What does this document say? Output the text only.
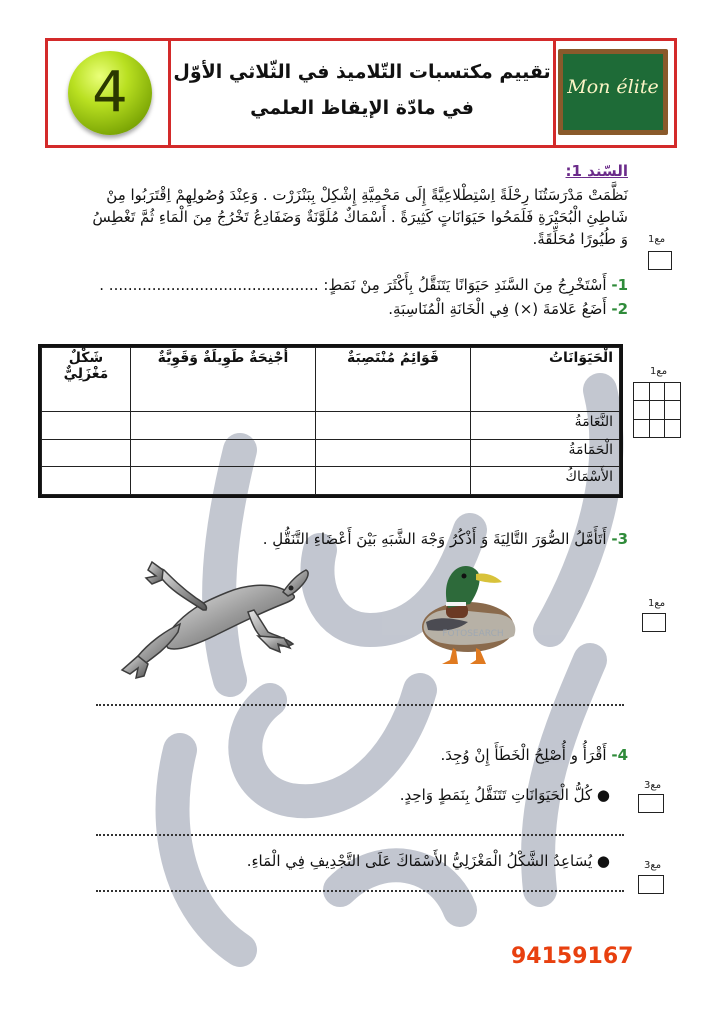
4	تقييم مكتسبات التّلاميذ في الثّلاثي الأوّل
في مادّة الإيقاظ العلمي
Mon élite
السّند 1:
نَظَّمَتْ مَدْرَسَتُنَا رِحْلَةً اِسْتِطْلاعِيَّةً إِلَى مَحْمِيَّةِ إِشْكِلْ بِبَنْزَرْت . وَعِنْدَ وُصُولِهِمْ اِقْتَرَبُوا مِنْ شَاطِئِ الْبُحَيْرَةِ فَلَمَحُوا حَيَوَانَاتٍ كَثِيرَةً . أَسْمَاكٌ مُلَوَّنَةٌ وَضَفَادِعُ تَخْرُجُ مِنَ الْمَاءِ ثُمَّ تَغْطِسُ وَ طُيُورًا مُحَلِّقَةً. مع1
1- أَسْتَخْرِجُ مِنَ السَّنَدِ حَيَوَانًا يَتَنَقَّلُ بِأَكْثَرَ مِنْ نَمَطٍ: ............................................ .
2- أَضَعُ عَلامَةَ (×) فِي الْخَانَةِ الْمُنَاسِبَةِ.
الْحَيَوَانَاتُ	قَوَائِمُ مُنْتَصِبَةٌ	أَجْنِحَةٌ طَوِيلَةٌ وَقَوِيَّةٌ	شَكْلٌ مَغْزَلِيٌّ
النَّعَامَةُ			
الْحَمَامَةُ			
الأَسْمَاكُ			
مع1

3- أَتَأَمَّلُ الصُّوَرَ التَّالِيَةَ وَ أَذْكُرُ وَجْهَ الشَّبَهِ بَيْنَ أَعْضَاءِ التَّنَقُّلِ .
FOTOSEARCH
مع1
4- أَقْرَأُ و أُصْلِحُ الْخَطَأَ إِنْ وُجِدَ.
● كُلُّ الْحَيَوَانَاتِ تَتَنَقَّلُ بِنَمَطٍ وَاحِدٍ.
مع3
● يُسَاعِدُ الشَّكْلُ الْمَغْزَلِيُّ الأَسْمَاكَ عَلَى التَّجْدِيفِ فِي الْمَاءِ.	مع3
94159167
